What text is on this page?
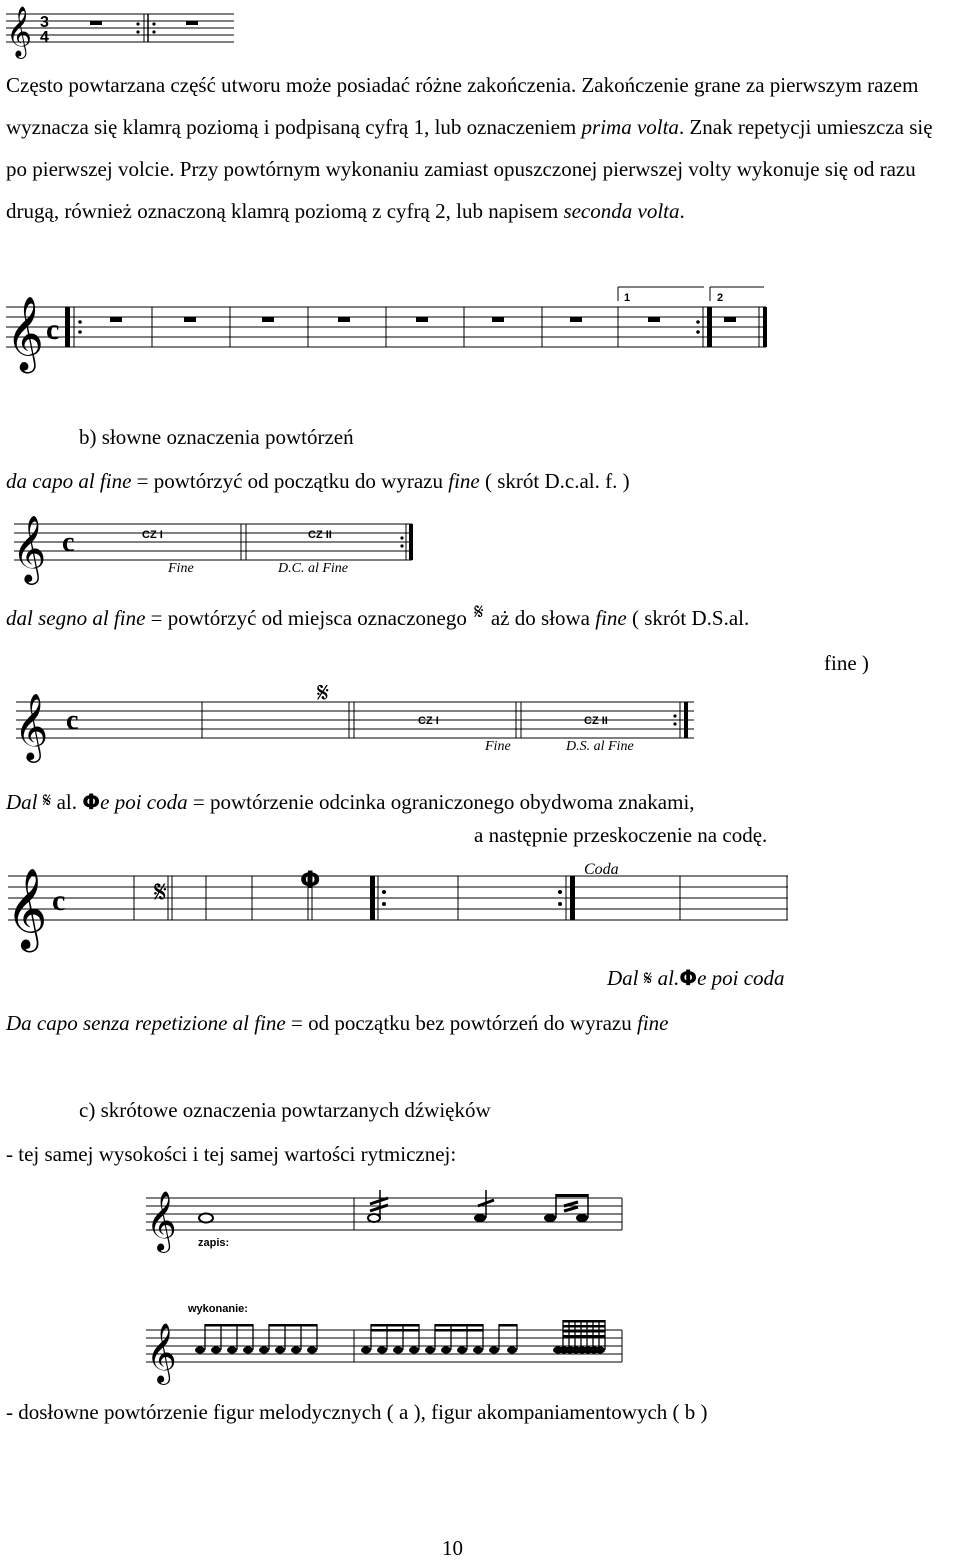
𝄞 3
4
Często powtarzana część utworu może posiadać różne zakończenia. Zakończenie grane za pierwszym razem wyznacza się klamrą poziomą i podpisaną cyfrą 1, lub oznaczeniem prima volta. Znak repetycji umieszcza się po pierwszej volcie. Przy powtórnym wykonaniu zamiast opuszczonej pierwszej volty wykonuje się od razu drugą, również oznaczoną klamrą poziomą z cyfrą 2, lub napisem seconda volta.
𝄞 c
1	2
b) słowne oznaczenia powtórzeń
da capo al fine = powtórzyć od początku do wyrazu fine ( skrót D.c.al. f. )
𝄞 c	CZ I
Fine
CZ II
D.C. al Fine
dal segno al fine = powtórzyć od miejsca oznaczonego 𝄋 aż do słowa fine ( skrót D.S.al.
fine )
𝄞 c
𝄋
CZ I
Fine
CZ II
D.S. al Fine
Dal 𝄋 al. Φe poi coda = powtórzenie odcinka ograniczonego obydwoma znakami,
a następnie przeskoczenie na codę.
Coda
𝄞 c	𝄋	Φ
Dal 𝄋 al.Φe poi coda
Da capo senza repetizione al fine = od początku bez powtórzeń do wyrazu fine
c) skrótowe oznaczenia powtarzanych dźwięków
- tej samej wysokości i tej samej wartości rytmicznej:
𝄞 zapis:
wykonanie:
𝄞
- dosłowne powtórzenie figur melodycznych ( a ), figur akompaniamentowych ( b )
10
